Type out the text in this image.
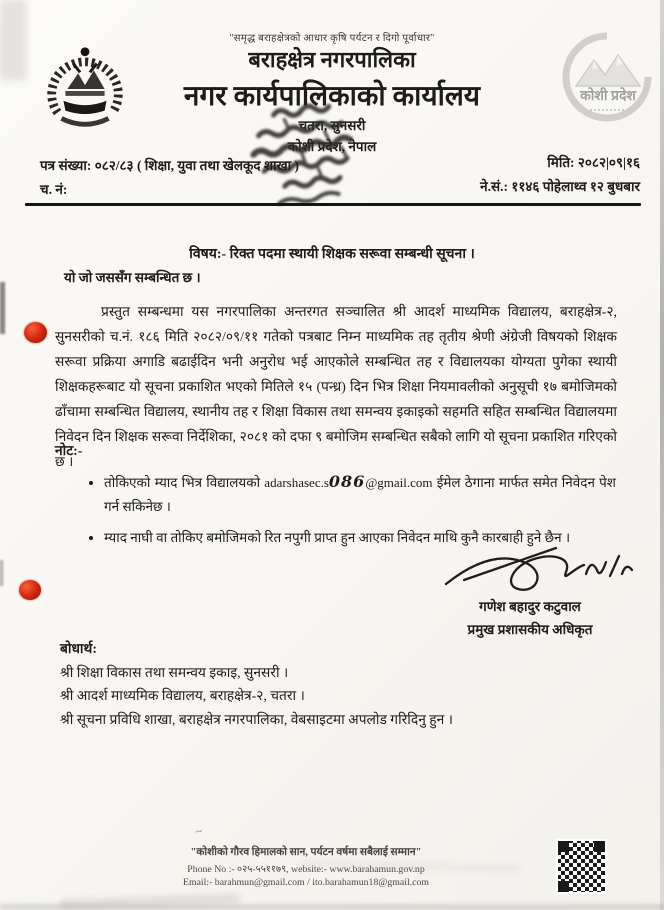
कोशी प्रदेश
"समृद्ध बराहक्षेत्रको आधार कृषि पर्यटन र दिगो पूर्वाधार"
बराहक्षेत्र नगरपालिका
नगर कार्यपालिकाको कार्यालय
चतरा, सुनसरी
कोशी प्रदेश, नेपाल
पत्र संख्या: ०८२/८३ ( शिक्षा, युवा तथा खेलकूद शाखा )
च. नं:
मिति: २०८२|०९|१६
ने.सं.: ११४६ पोहेलाथ्व १२ बुधबार
विषय:- रिक्त पदमा स्थायी शिक्षक सरूवा सम्बन्धी सूचना ।
यो जो जससँग सम्बन्धित छ ।
प्रस्तुत सम्बन्धमा यस नगरपालिका अन्तरगत सञ्चालित श्री आदर्श माध्यमिक विद्यालय, बराहक्षेत्र-२, सुनसरीको च.नं. १८६ मिति २०८२/०९/११ गतेको पत्रबाट निम्न माध्यमिक तह तृतीय श्रेणी अंग्रेजी विषयको शिक्षक सरूवा प्रक्रिया अगाडि बढाईदिन भनी अनुरोध भई आएकोले सम्बन्धित तह र विद्यालयका योग्यता पुगेका स्थायी शिक्षकहरूबाट यो सूचना प्रकाशित भएको मितिले १५ (पन्ध्र) दिन भित्र शिक्षा नियमावलीको अनुसूची १७ बमोजिमको ढाँचामा सम्बन्धित विद्यालय, स्थानीय तह र शिक्षा विकास तथा समन्वय इकाइको सहमति सहित सम्बन्धित विद्यालयमा निवेदन दिन शिक्षक सरूवा निर्देशिका, २०८१ को दफा ९ बमोजिम सम्बन्धित सबैको लागि यो सूचना प्रकाशित गरिएको छ ।
नोट:-
• तोकिएको म्याद भित्र विद्यालयको adarshasec.s086@gmail.com ईमेल ठेगाना मार्फत समेत निवेदन पेश गर्न सकिनेछ ।
• म्याद नाघी वा तोकिए बमोजिमको रित नपुगी प्राप्त हुन आएका निवेदन माथि कुनै कारबाही हुने छैन ।
गणेश बहादुर कटुवाल
प्रमुख प्रशासकीय अधिकृत
बोधार्थ:
श्री शिक्षा विकास तथा समन्वय इकाइ, सुनसरी ।
श्री आदर्श माध्यमिक विद्यालय, बराहक्षेत्र-२, चतरा ।
श्री सूचना प्रविधि शाखा, बराहक्षेत्र नगरपालिका, वेबसाइटमा अपलोड गरिदिनु हुन ।
~
"कोशीको गौरव हिमालको सान, पर्यटन वर्षमा सबैलाई सम्मान"
Phone No :- ०२५-५५११७९, website:- www.barahamun.gov.np
Email:- barahmun@gmail.com / ito.barahamun18@gmail.com
